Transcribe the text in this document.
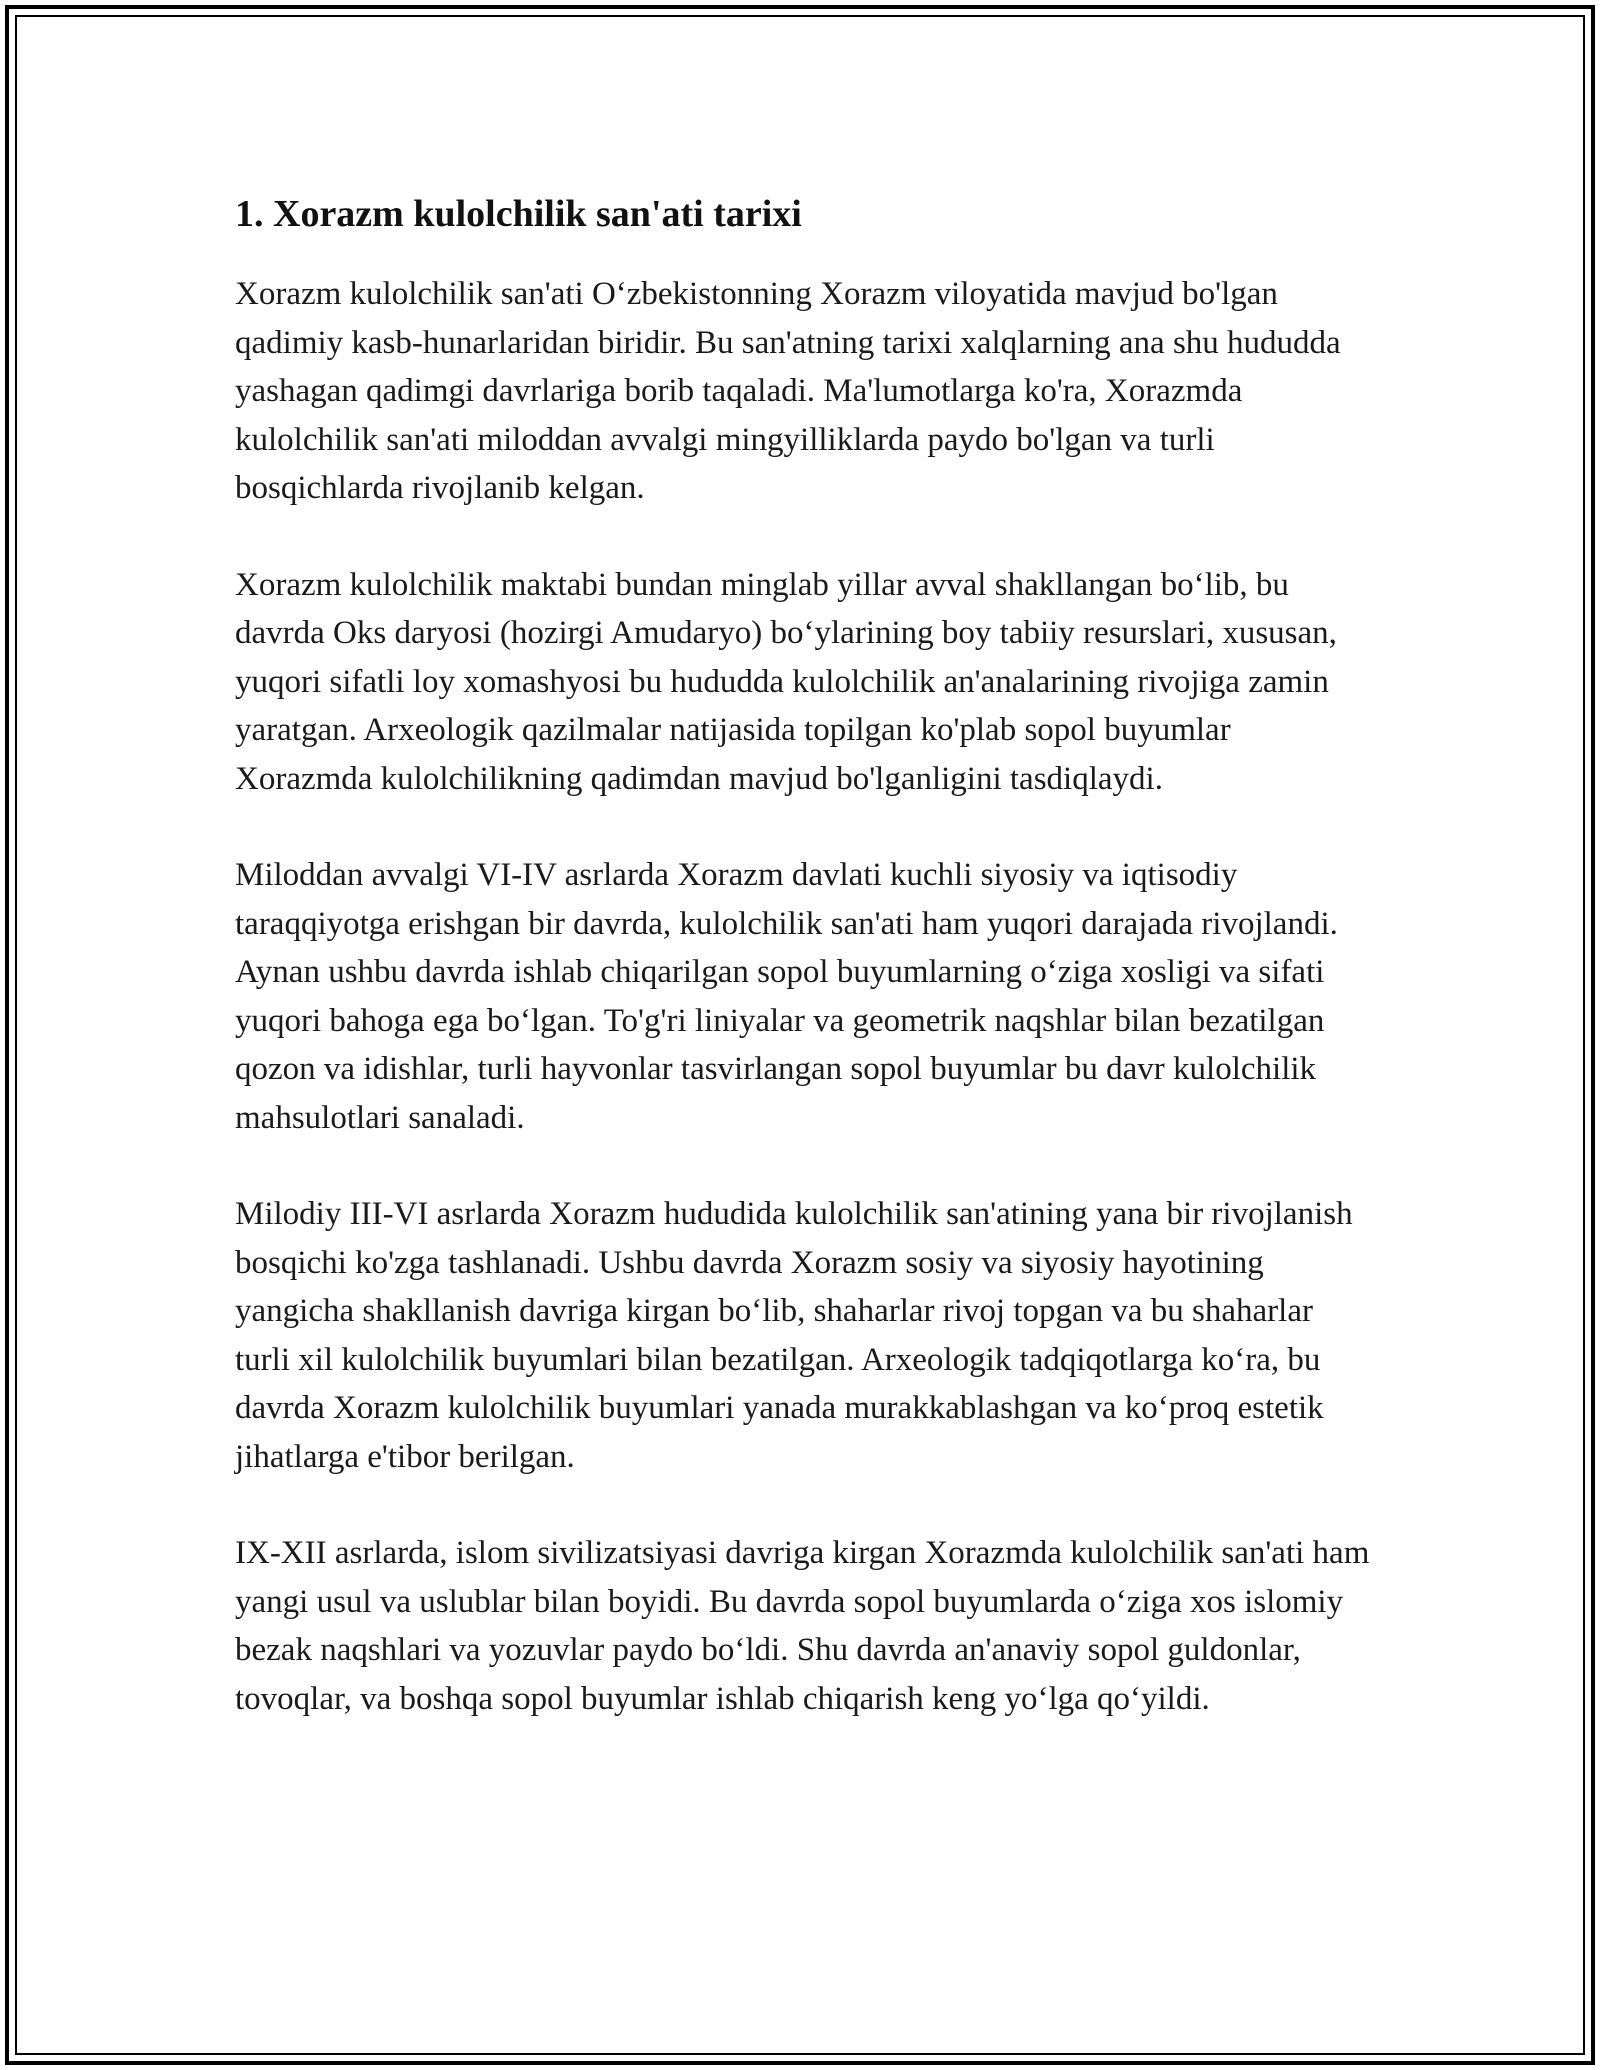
1. Xorazm kulolchilik san'ati tarixi

Xorazm kulolchilik san'ati O‘zbekistonning Xorazm viloyatida mavjud bo'lgan qadimiy kasb-hunarlaridan biridir. Bu san'atning tarixi xalqlarning ana shu hududda yashagan qadimgi davrlariga borib taqaladi. Ma'lumotlarga ko'ra, Xorazmda kulolchilik san'ati miloddan avvalgi mingyilliklarda paydo bo'lgan va turli bosqichlarda rivojlanib kelgan.

Xorazm kulolchilik maktabi bundan minglab yillar avval shakllangan bo‘lib, bu davrda Oks daryosi (hozirgi Amudaryo) bo‘ylarining boy tabiiy resurslari, xususan, yuqori sifatli loy xomashyosi bu hududda kulolchilik an'analarining rivojiga zamin yaratgan. Arxeologik qazilmalar natijasida topilgan ko'plab sopol buyumlar Xorazmda kulolchilikning qadimdan mavjud bo'lganligini tasdiqlaydi.

Miloddan avvalgi VI-IV asrlarda Xorazm davlati kuchli siyosiy va iqtisodiy taraqqiyotga erishgan bir davrda, kulolchilik san'ati ham yuqori darajada rivojlandi. Aynan ushbu davrda ishlab chiqarilgan sopol buyumlarning o‘ziga xosligi va sifati yuqori bahoga ega bo‘lgan. To'g'ri liniyalar va geometrik naqshlar bilan bezatilgan qozon va idishlar, turli hayvonlar tasvirlangan sopol buyumlar bu davr kulolchilik mahsulotlari sanaladi.

Milodiy III-VI asrlarda Xorazm hududida kulolchilik san'atining yana bir rivojlanish bosqichi ko'zga tashlanadi. Ushbu davrda Xorazm sosiy va siyosiy hayotining yangicha shakllanish davriga kirgan bo‘lib, shaharlar rivoj topgan va bu shaharlar turli xil kulolchilik buyumlari bilan bezatilgan. Arxeologik tadqiqotlarga ko‘ra, bu davrda Xorazm kulolchilik buyumlari yanada murakkablashgan va ko‘proq estetik jihatlarga e'tibor berilgan.

IX-XII asrlarda, islom sivilizatsiyasi davriga kirgan Xorazmda kulolchilik san'ati ham yangi usul va uslublar bilan boyidi. Bu davrda sopol buyumlarda o‘ziga xos islomiy bezak naqshlari va yozuvlar paydo bo‘ldi. Shu davrda an'anaviy sopol guldonlar, tovoqlar, va boshqa sopol buyumlar ishlab chiqarish keng yo‘lga qo‘yildi.
